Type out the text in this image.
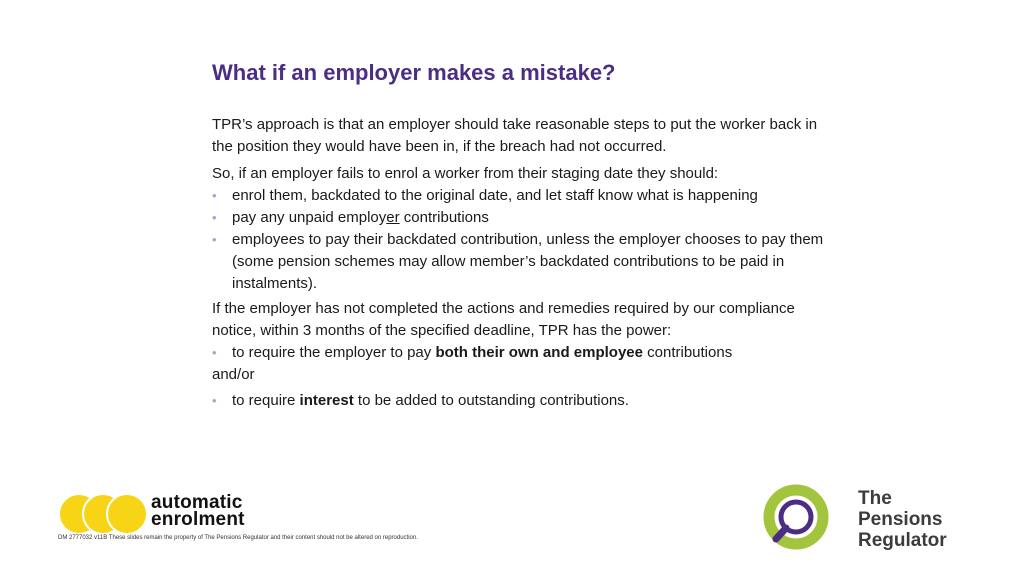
What if an employer makes a mistake?

TPR’s approach is that an employer should take reasonable steps to put the worker back in the position they would have been in, if the breach had not occurred.

So, if an employer fails to enrol a worker from their staging date they should:

• enrol them, backdated to the original date, and let staff know what is happening

• pay any unpaid employer contributions

• employees to pay their backdated contribution, unless the employer chooses to pay them (some pension schemes may allow member’s backdated contributions to be paid in instalments).

If the employer has not completed the actions and remedies required by our compliance notice, within 3 months of the specified deadline, TPR has the power:

• to require the employer to pay both their own and employee contributions

and/or

• to require interest to be added to outstanding contributions.

automatic
enrolment
DM 2777032 v11B These slides remain the property of The Pensions Regulator and their content should not be altered on reproduction.
The
Pensions
Regulator
